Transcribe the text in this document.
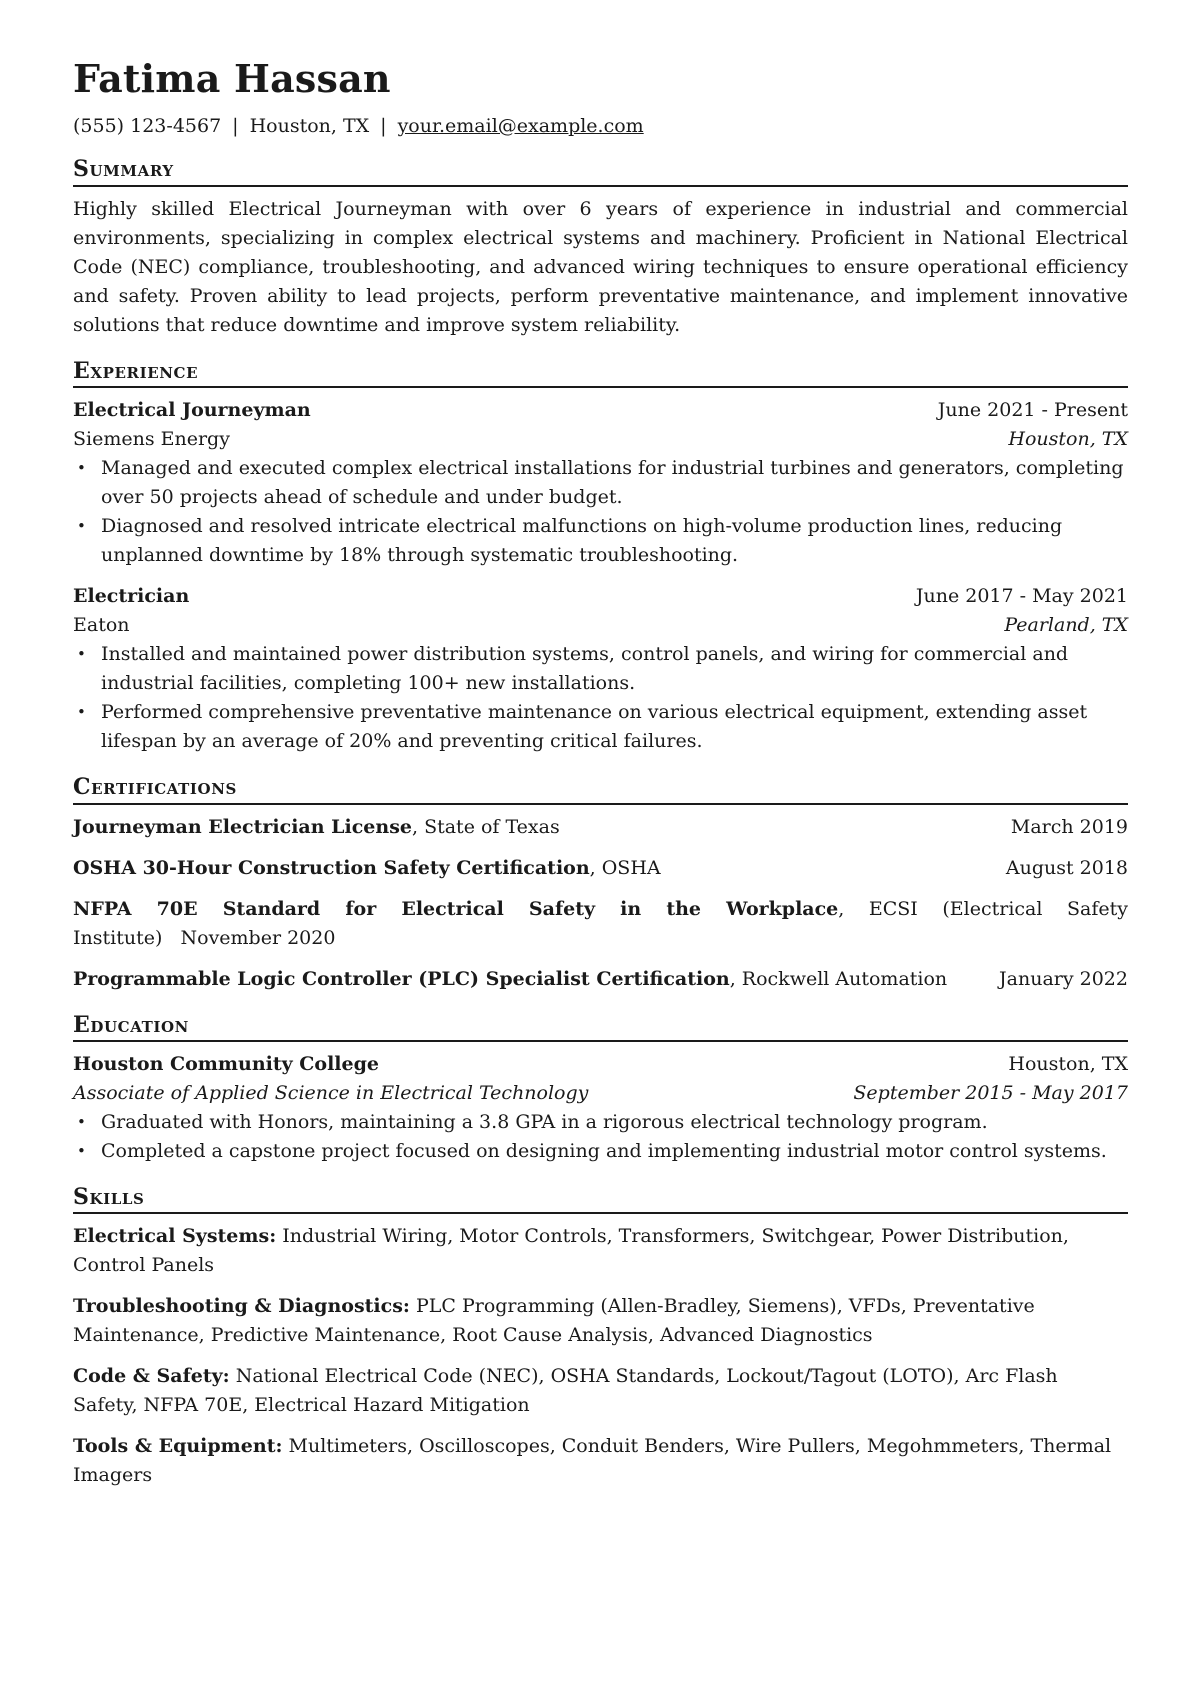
Fatima Hassan
(555) 123-4567 | Houston, TX | your.email@example.com
Summary

Highly skilled Electrical Journeyman with over 6 years of experience in industrial and commercial environments, specializing in complex electrical systems and machinery. Proficient in National Electrical Code (NEC) compliance, troubleshooting, and advanced wiring techniques to ensure operational efficiency and safety. Proven ability to lead projects, perform preventative maintenance, and implement innovative solutions that reduce downtime and improve system reliability.

Experience
Electrical Journeyman	June 2021 - Present
Siemens Energy	Houston, TX
• Managed and executed complex electrical installations for industrial turbines and generators, completing over 50 projects ahead of schedule and under budget.
• Diagnosed and resolved intricate electrical malfunctions on high-volume production lines, reducing unplanned downtime by 18% through systematic troubleshooting.
Electrician	June 2017 - May 2021
Eaton	Pearland, TX
• Installed and maintained power distribution systems, control panels, and wiring for commercial and industrial facilities, completing 100+ new installations.
• Performed comprehensive preventative maintenance on various electrical equipment, extending asset lifespan by an average of 20% and preventing critical failures.
Certifications
Journeyman Electrician License, State of Texas	March 2019
OSHA 30-Hour Construction Safety Certification, OSHA	August 2018
NFPA 70E Standard for Electrical Safety in the Workplace, ECSI (Electrical Safety Institute) November 2020
Programmable Logic Controller (PLC) Specialist Certification, Rockwell Automation	January 2022
Education
Houston Community College	Houston, TX
Associate of Applied Science in Electrical Technology	September 2015 - May 2017
• Graduated with Honors, maintaining a 3.8 GPA in a rigorous electrical technology program.
• Completed a capstone project focused on designing and implementing industrial motor control systems.
Skills
Electrical Systems: Industrial Wiring, Motor Controls, Transformers, Switchgear, Power Distribution, Control Panels
Troubleshooting & Diagnostics: PLC Programming (Allen-Bradley, Siemens), VFDs, Preventative Maintenance, Predictive Maintenance, Root Cause Analysis, Advanced Diagnostics
Code & Safety: National Electrical Code (NEC), OSHA Standards, Lockout/Tagout (LOTO), Arc Flash Safety, NFPA 70E, Electrical Hazard Mitigation
Tools & Equipment: Multimeters, Oscilloscopes, Conduit Benders, Wire Pullers, Megohmmeters, Thermal Imagers
